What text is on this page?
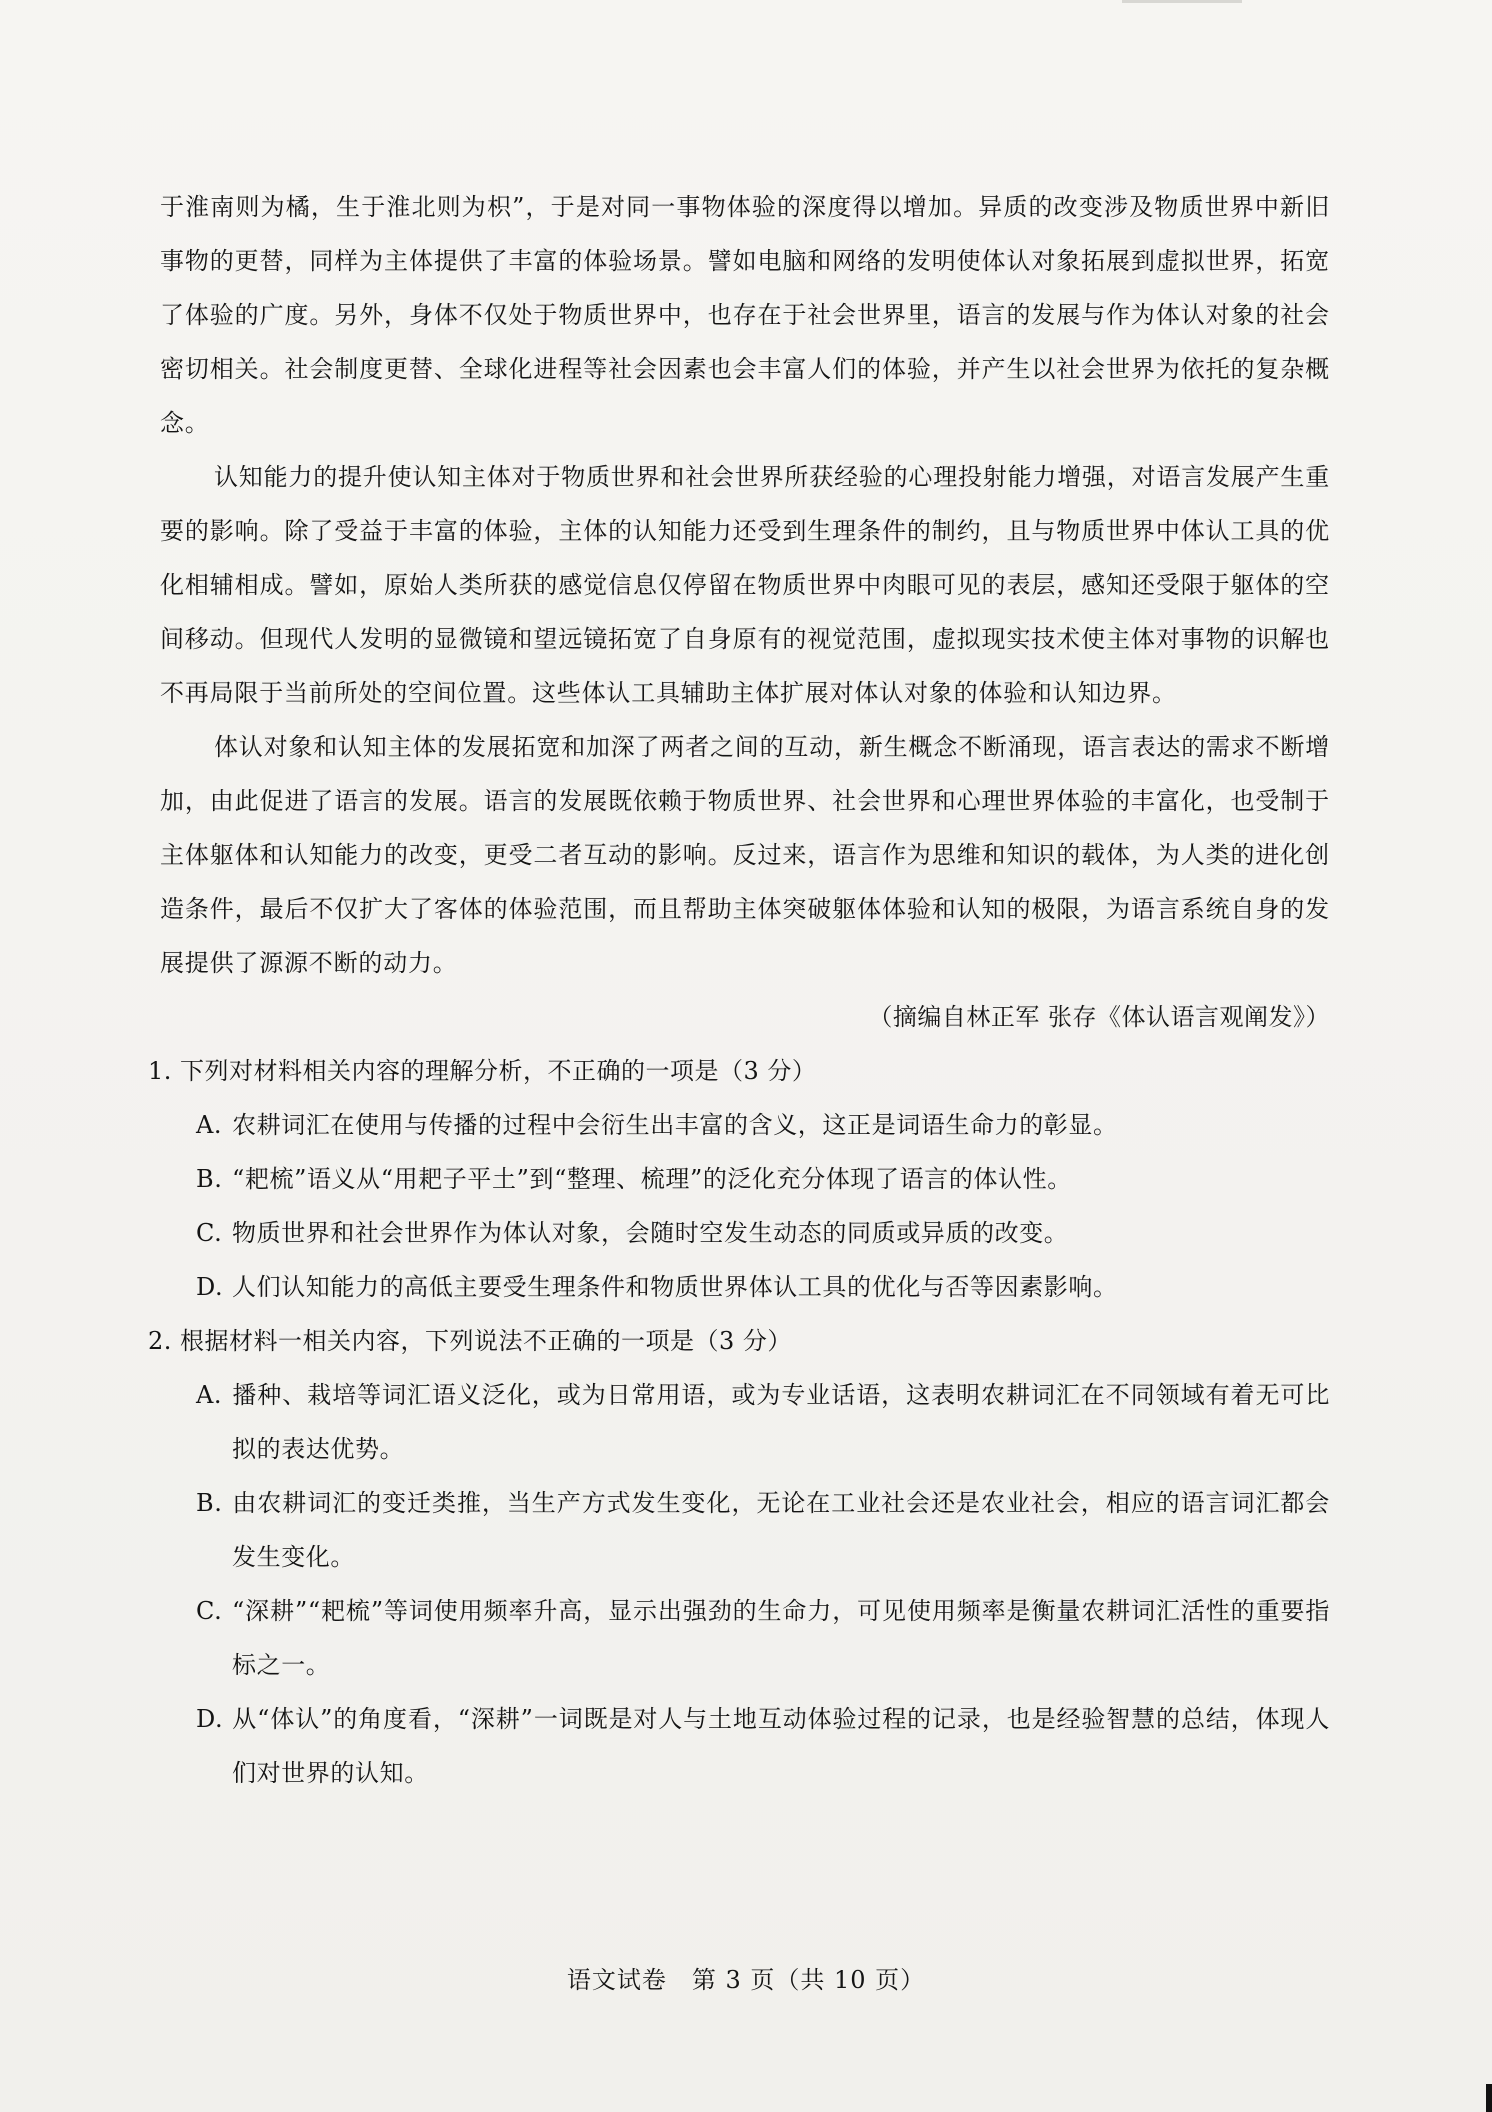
于淮南则为橘，生于淮北则为枳”，于是对同一事物体验的深度得以增加。异质的改变涉及物质世界中新旧事物的更替，同样为主体提供了丰富的体验场景。譬如电脑和网络的发明使体认对象拓展到虚拟世界，拓宽了体验的广度。另外，身体不仅处于物质世界中，也存在于社会世界里，语言的发展与作为体认对象的社会密切相关。社会制度更替、全球化进程等社会因素也会丰富人们的体验，并产生以社会世界为依托的复杂概念。

认知能力的提升使认知主体对于物质世界和社会世界所获经验的心理投射能力增强，对语言发展产生重要的影响。除了受益于丰富的体验，主体的认知能力还受到生理条件的制约，且与物质世界中体认工具的优化相辅相成。譬如，原始人类所获的感觉信息仅停留在物质世界中肉眼可见的表层，感知还受限于躯体的空间移动。但现代人发明的显微镜和望远镜拓宽了自身原有的视觉范围，虚拟现实技术使主体对事物的识解也不再局限于当前所处的空间位置。这些体认工具辅助主体扩展对体认对象的体验和认知边界。

体认对象和认知主体的发展拓宽和加深了两者之间的互动，新生概念不断涌现，语言表达的需求不断增加，由此促进了语言的发展。语言的发展既依赖于物质世界、社会世界和心理世界体验的丰富化，也受制于主体躯体和认知能力的改变，更受二者互动的影响。反过来，语言作为思维和知识的载体，为人类的进化创造条件，最后不仅扩大了客体的体验范围，而且帮助主体突破躯体体验和认知的极限，为语言系统自身的发展提供了源源不断的动力。

（摘编自林正军 张存《体认语言观阐发》）

1. 下列对材料相关内容的理解分析，不正确的一项是（3 分）

A. 农耕词汇在使用与传播的过程中会衍生出丰富的含义，这正是词语生命力的彰显。

B. “耙梳”语义从“用耙子平土”到“整理、梳理”的泛化充分体现了语言的体认性。

C. 物质世界和社会世界作为体认对象，会随时空发生动态的同质或异质的改变。

D. 人们认知能力的高低主要受生理条件和物质世界体认工具的优化与否等因素影响。

2. 根据材料一相关内容，下列说法不正确的一项是（3 分）

A. 播种、栽培等词汇语义泛化，或为日常用语，或为专业话语，这表明农耕词汇在不同领域有着无可比拟的表达优势。

B. 由农耕词汇的变迁类推，当生产方式发生变化，无论在工业社会还是农业社会，相应的语言词汇都会发生变化。

C. “深耕”“耙梳”等词使用频率升高，显示出强劲的生命力，可见使用频率是衡量农耕词汇活性的重要指标之一。

D. 从“体认”的角度看，“深耕”一词既是对人与土地互动体验过程的记录，也是经验智慧的总结，体现人们对世界的认知。

语文试卷　第 3 页（共 10 页）
